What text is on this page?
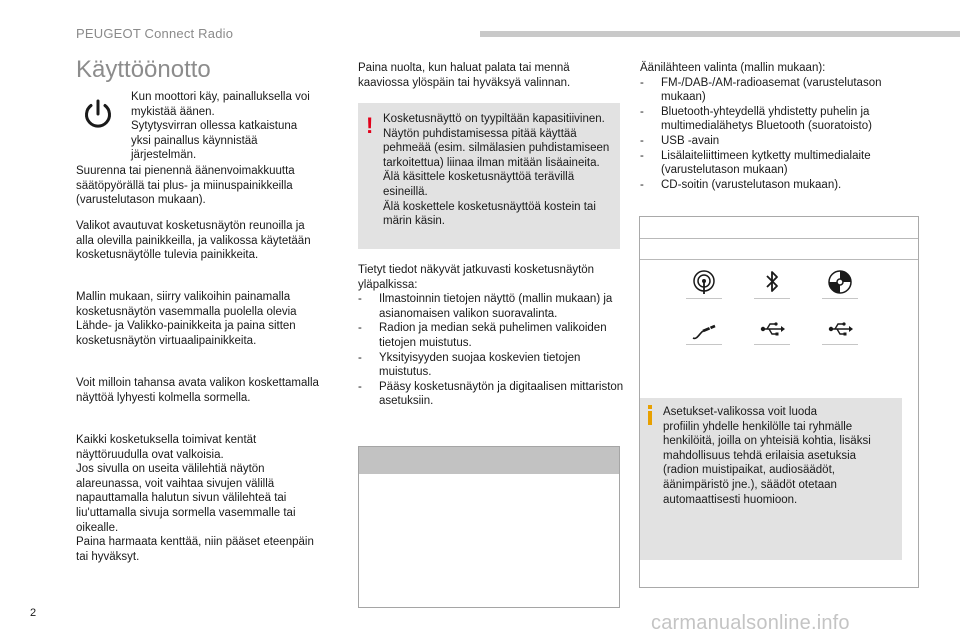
PEUGEOT Connect Radio
Käyttöönotto
Kun moottori käy, painalluksella voi
mykistää äänen.
Sytytysvirran ollessa katkaistuna
yksi painallus käynnistää
järjestelmän.
Suurenna tai pienennä äänenvoimakkuutta
säätöpyörällä tai plus- ja miinuspainikkeilla
(varustelutason mukaan).
Valikot avautuvat kosketusnäytön reunoilla ja
alla olevilla painikkeilla, ja valikossa käytetään
kosketusnäytölle tulevia painikkeita.
Mallin mukaan, siirry valikoihin painamalla
kosketusnäytön vasemmalla puolella olevia
Lähde- ja Valikko-painikkeita ja paina sitten
kosketusnäytön virtuaalipainikkeita.
Voit milloin tahansa avata valikon koskettamalla
näyttöä lyhyesti kolmella sormella.
Kaikki kosketuksella toimivat kentät
näyttöruudulla ovat valkoisia.
Jos sivulla on useita välilehtiä näytön
alareunassa, voit vaihtaa sivujen välillä
napauttamalla halutun sivun välilehteä tai
liu'uttamalla sivuja sormella vasemmalle tai
oikealle.
Paina harmaata kenttää, niin pääset eteenpäin
tai hyväksyt.
Paina nuolta, kun haluat palata tai mennä
kaaviossa ylöspäin tai hyväksyä valinnan.
! Kosketusnäyttö on tyypiltään kapasitiivinen.
Näytön puhdistamisessa pitää käyttää
pehmeää (esim. silmälasien puhdistamiseen
tarkoitettua) liinaa ilman mitään lisäaineita.
Älä käsittele kosketusnäyttöä terävillä
esineillä.
Älä koskettele kosketusnäyttöä kostein tai
märin käsin.
Tietyt tiedot näkyvät jatkuvasti kosketusnäytön
yläpalkissa:
- Ilmastoinnin tietojen näyttö (mallin mukaan) ja asianomaisen valikon suoravalinta.
- Radion ja median sekä puhelimen valikoiden tietojen muistutus.
- Yksityisyyden suojaa koskevien tietojen muistutus.
- Pääsy kosketusnäytön ja digitaalisen mittariston asetuksiin.
Äänilähteen valinta (mallin mukaan):
- FM-/DAB-/AM-radioasemat (varustelutason mukaan)
- Bluetooth-yhteydellä yhdistetty puhelin ja multimedialähetys Bluetooth (suoratoisto)
- USB -avain
- Lisälaiteliittimeen kytketty multimedialaite (varustelutason mukaan)
- CD-soitin (varustelutason mukaan).
Asetukset-valikossa voit luoda
profiilin yhdelle henkilölle tai ryhmälle
henkilöitä, joilla on yhteisiä kohtia, lisäksi
mahdollisuus tehdä erilaisia asetuksia
(radion muistipaikat, audiosäädöt,
äänimpäristö jne.), säädöt otetaan
automaattisesti huomioon.
2	carmanualsonline.info
